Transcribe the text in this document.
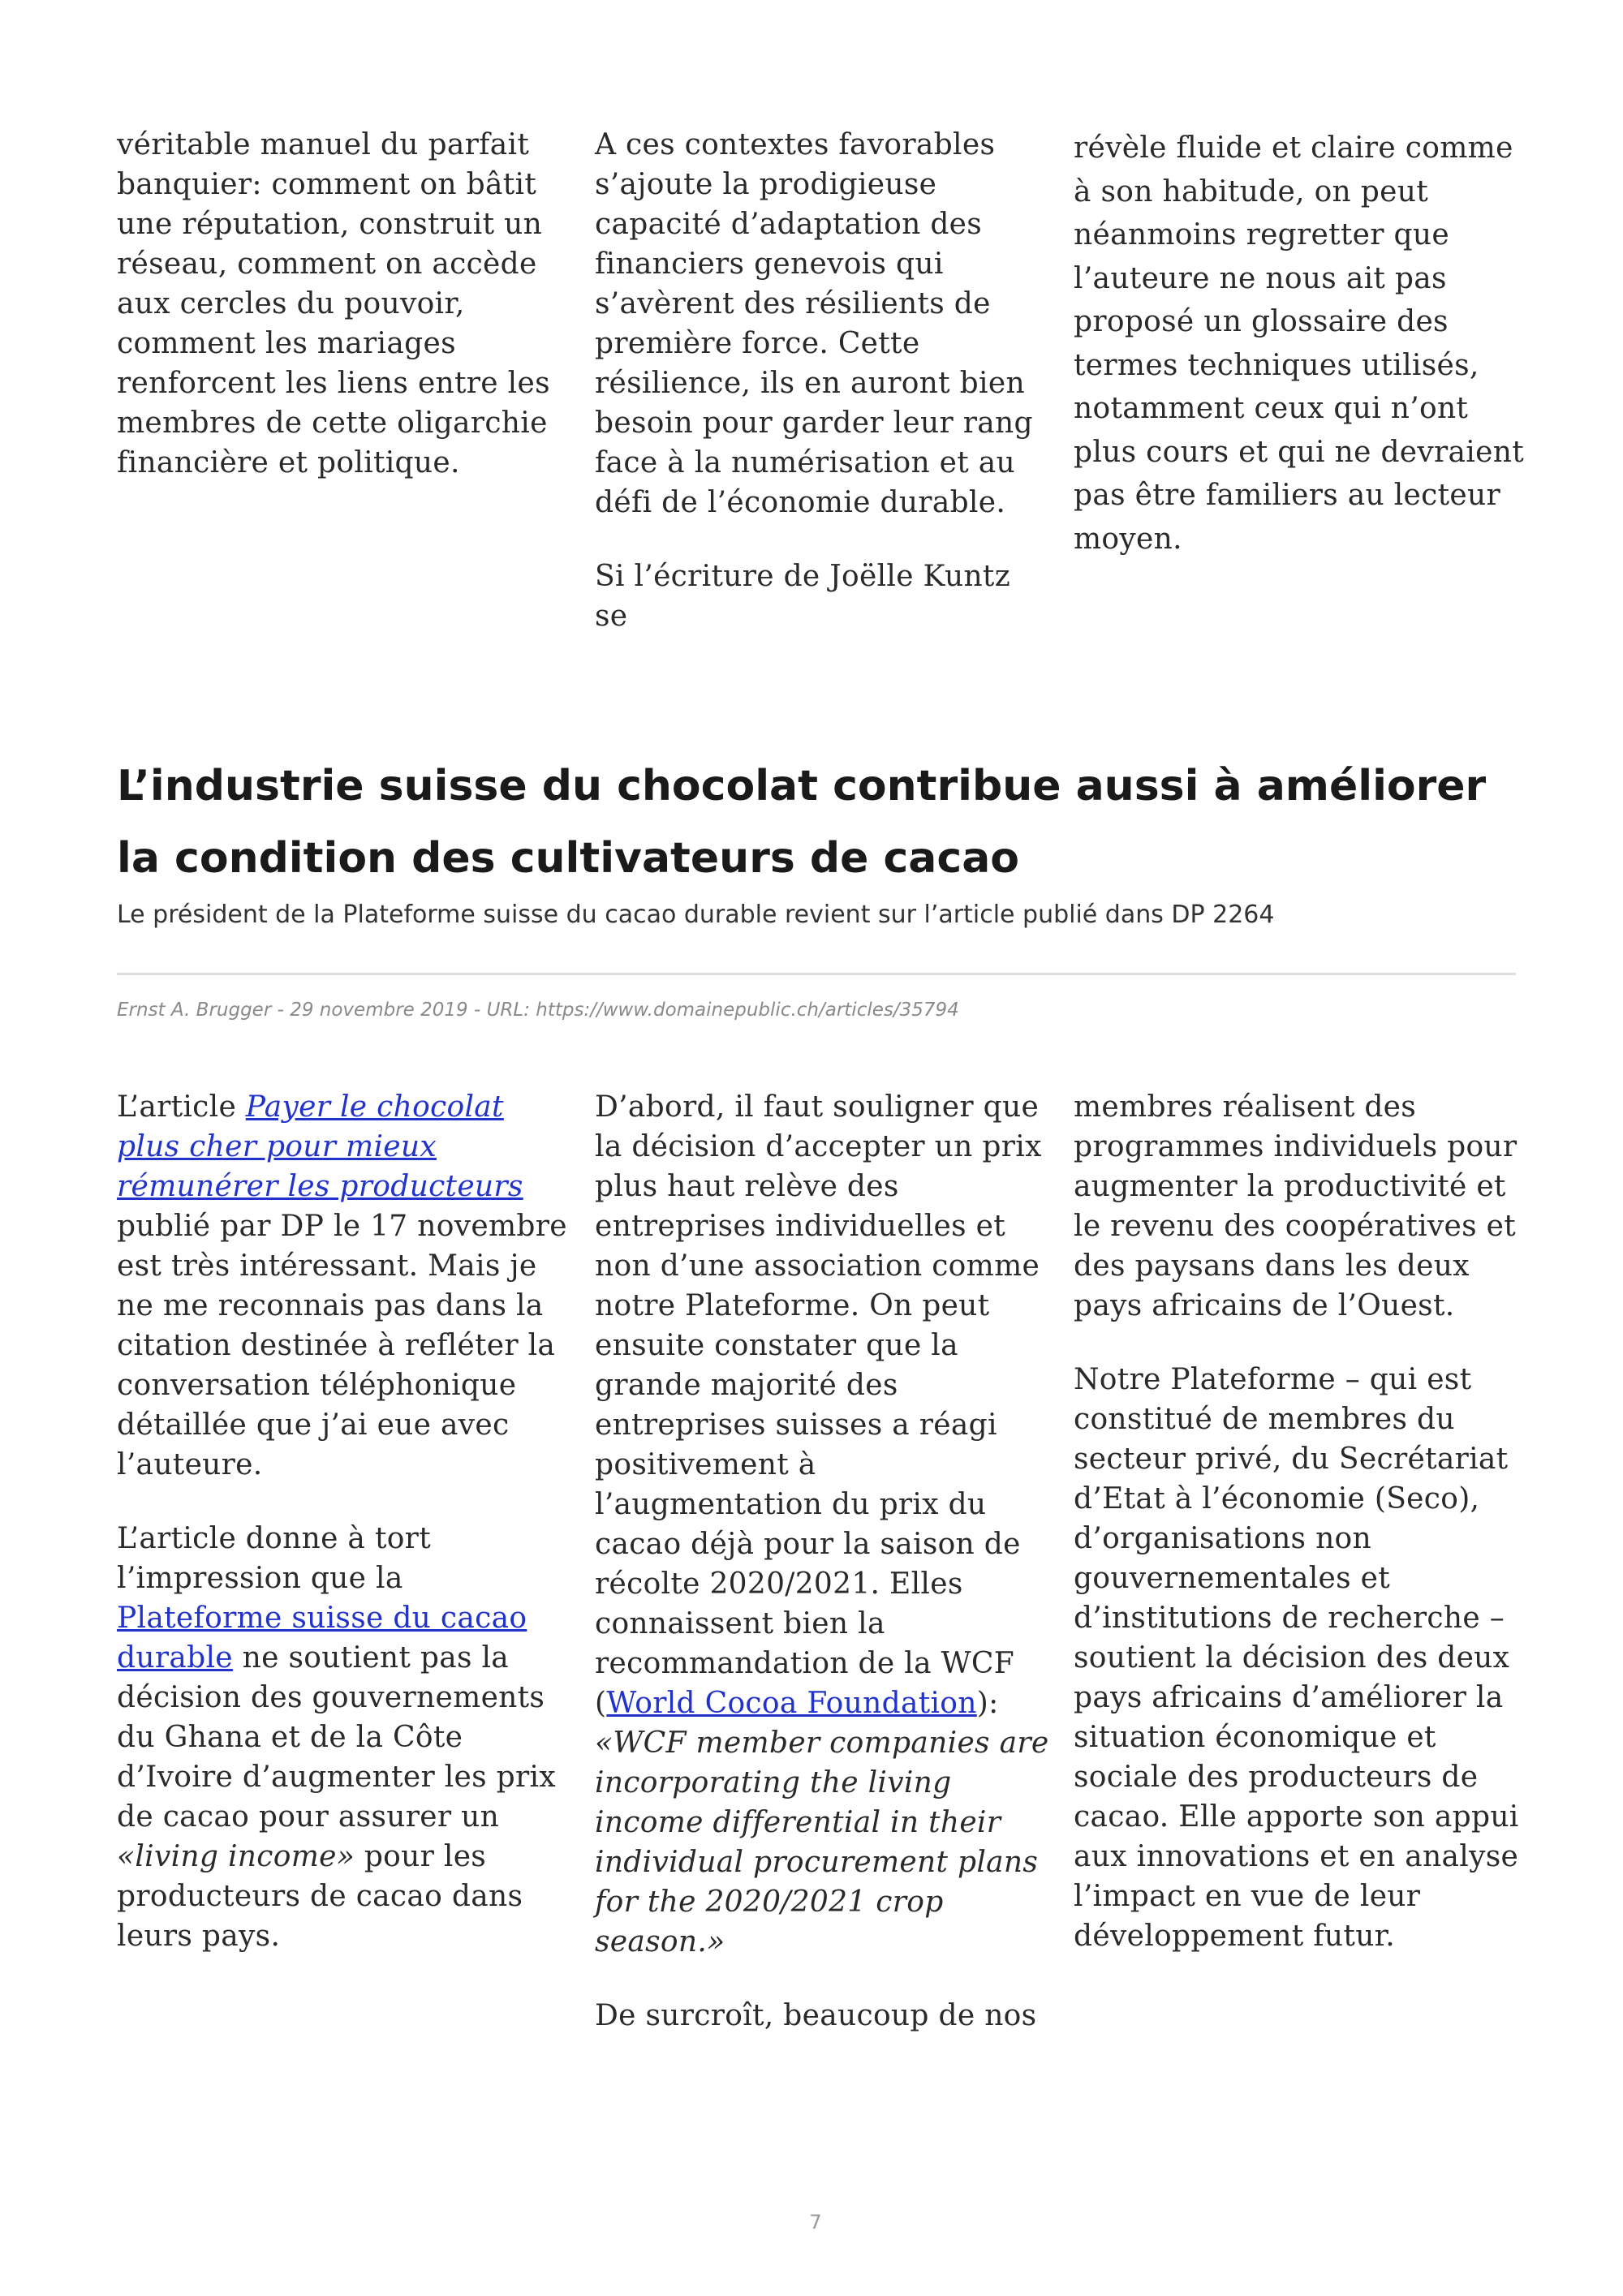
véritable manuel du parfait banquier: comment on bâtit une réputation, construit un réseau, comment on accède aux cercles du pouvoir, comment les mariages renforcent les liens entre les membres de cette oligarchie financière et politique.

A ces contextes favorables s’ajoute la prodigieuse capacité d’adaptation des financiers genevois qui s’avèrent des résilients de première force. Cette résilience, ils en auront bien besoin pour garder leur rang face à la numérisation et au défi de l’économie durable.

Si l’écriture de Joëlle Kuntz se

révèle fluide et claire comme à son habitude, on peut néanmoins regretter que l’auteure ne nous ait pas proposé un glossaire des termes techniques utilisés, notamment ceux qui n’ont plus cours et qui ne devraient pas être familiers au lecteur moyen.

L’industrie suisse du chocolat contribue aussi à améliorer la condition des cultivateurs de cacao

Le président de la Plateforme suisse du cacao durable revient sur l’article publié dans DP 2264

Ernst A. Brugger - 29 novembre 2019 - URL: https://www.domainepublic.ch/articles/35794

L’article Payer le chocolat plus cher pour mieux rémunérer les producteurs publié par DP le 17 novembre est très intéressant. Mais je ne me reconnais pas dans la citation destinée à refléter la conversation téléphonique détaillée que j’ai eue avec l’auteure.

L’article donne à tort l’impression que la Plateforme suisse du cacao durable ne soutient pas la décision des gouvernements du Ghana et de la Côte d’Ivoire d’augmenter les prix de cacao pour assurer un «living income» pour les producteurs de cacao dans leurs pays.

D’abord, il faut souligner que la décision d’accepter un prix plus haut relève des entreprises individuelles et non d’une association comme notre Plateforme. On peut ensuite constater que la grande majorité des entreprises suisses a réagi positivement à l’augmentation du prix du cacao déjà pour la saison de récolte 2020/2021. Elles connaissent bien la recommandation de la WCF (World Cocoa Foundation): «WCF member companies are incorporating the living income differential in their individual procurement plans for the 2020/2021 crop season.»

De surcroît, beaucoup de nos

membres réalisent des programmes individuels pour augmenter la productivité et le revenu des coopératives et des paysans dans les deux pays africains de l’Ouest.

Notre Plateforme – qui est constitué de membres du secteur privé, du Secrétariat d’Etat à l’économie (Seco), d’organisations non gouvernementales et d’institutions de recherche – soutient la décision des deux pays africains d’améliorer la situation économique et sociale des producteurs de cacao. Elle apporte son appui aux innovations et en analyse l’impact en vue de leur développement futur.

7
